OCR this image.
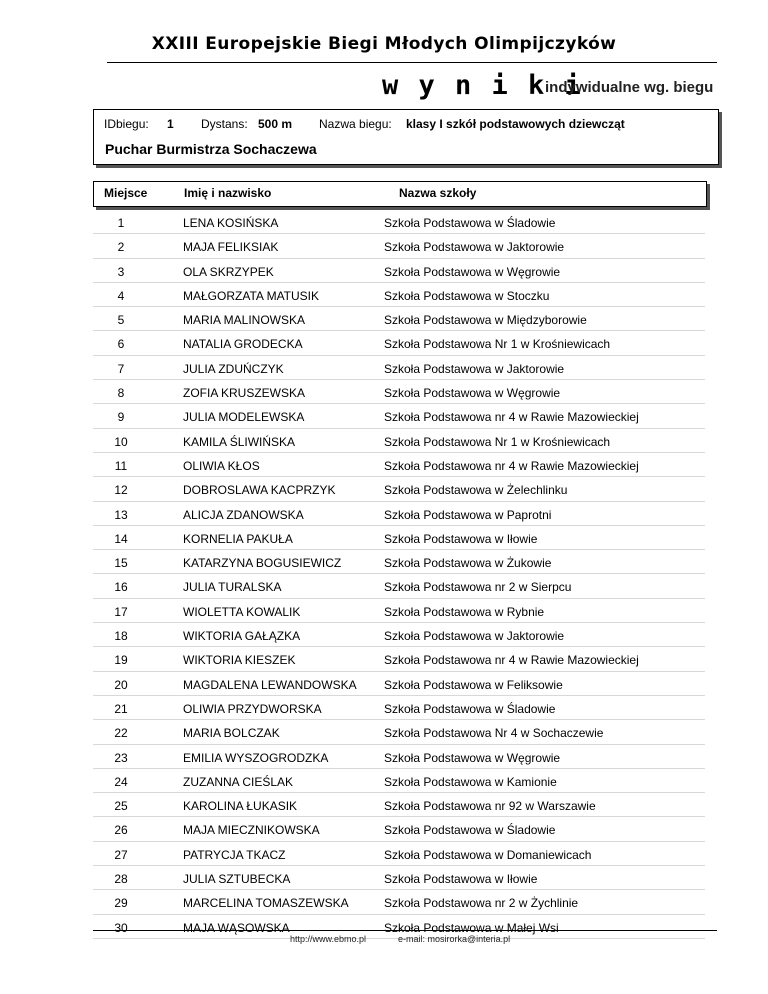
XXIII Europejskie Biegi Młodych Olimpijczyków
w y n i k i
indywidualne wg. biegu
IDbiegu: 1 Dystans: 500 m Nazwa biegu: klasy I szkół podstawowych dziewcząt
Puchar Burmistrza Sochaczewa
Miejsce	Imię i nazwisko	Nazwa szkoły
1	LENA KOSIŃSKA	Szkoła Podstawowa w Śladowie
2	MAJA FELIKSIAK	Szkoła Podstawowa w Jaktorowie
3	OLA SKRZYPEK	Szkoła Podstawowa w Węgrowie
4	MAŁGORZATA MATUSIK	Szkoła Podstawowa w Stoczku
5	MARIA MALINOWSKA	Szkoła Podstawowa w Międzyborowie
6	NATALIA GRODECKA	Szkoła Podstawowa Nr 1 w Krośniewicach
7	JULIA ZDUŃCZYK	Szkoła Podstawowa w Jaktorowie
8	ZOFIA KRUSZEWSKA	Szkoła Podstawowa w Węgrowie
9	JULIA MODELEWSKA	Szkoła Podstawowa nr 4 w Rawie Mazowieckiej
10	KAMILA ŚLIWIŃSKA	Szkoła Podstawowa Nr 1 w Krośniewicach
11	OLIWIA KŁOS	Szkoła Podstawowa nr 4 w Rawie Mazowieckiej
12	DOBROSLAWA KACPRZYK	Szkoła Podstawowa w Żelechlinku
13	ALICJA ZDANOWSKA	Szkoła Podstawowa w Paprotni
14	KORNELIA PAKUŁA	Szkoła Podstawowa w Iłowie
15	KATARZYNA BOGUSIEWICZ	Szkoła Podstawowa w Żukowie
16	JULIA TURALSKA	Szkoła Podstawowa nr 2 w Sierpcu
17	WIOLETTA KOWALIK	Szkoła Podstawowa w Rybnie
18	WIKTORIA GAŁĄZKA	Szkoła Podstawowa w Jaktorowie
19	WIKTORIA KIESZEK	Szkoła Podstawowa nr 4 w Rawie Mazowieckiej
20	MAGDALENA LEWANDOWSKA Szkoła Podstawowa w Feliksowie
21	OLIWIA PRZYDWORSKA	Szkoła Podstawowa w Śladowie
22	MARIA BOLCZAK	Szkoła Podstawowa Nr 4 w Sochaczewie
23	EMILIA WYSZOGRODZKA	Szkoła Podstawowa w Węgrowie
24	ZUZANNA CIEŚLAK	Szkoła Podstawowa w Kamionie
25	KAROLINA ŁUKASIK	Szkoła Podstawowa nr 92 w Warszawie
26	MAJA MIECZNIKOWSKA	Szkoła Podstawowa w Śladowie
27	PATRYCJA TKACZ	Szkoła Podstawowa w Domaniewicach
28	JULIA SZTUBECKA	Szkoła Podstawowa w Iłowie
29	MARCELINA TOMASZEWSKA	Szkoła Podstawowa nr 2 w Żychlinie
30	MAJA WĄSOWSKA	Szkoła Podstawowa w Małej Wsi
http://www.ebmo.pl	e-mail: mosirorka@interia.pl
